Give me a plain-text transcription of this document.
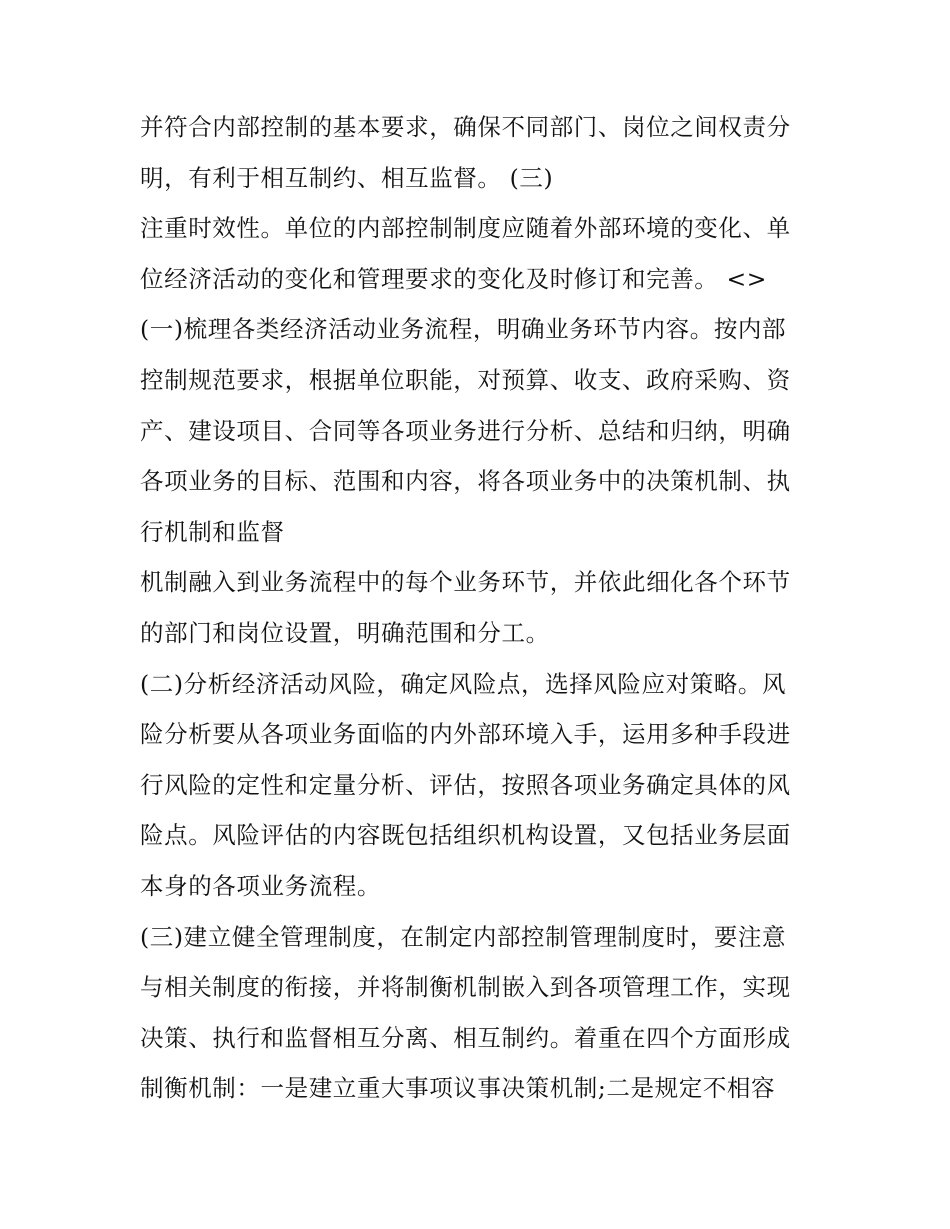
并符合内部控制的基本要求，确保不同部门、岗位之间权责分
明，有利于相互制约、相互监督。 (三)
注重时效性。单位的内部控制制度应随着外部环境的变化、单
位经济活动的变化和管理要求的变化及时修订和完善。 <>
(一)梳理各类经济活动业务流程，明确业务环节内容。按内部
控制规范要求，根据单位职能，对预算、收支、政府采购、资
产、建设项目、合同等各项业务进行分析、总结和归纳，明确
各项业务的目标、范围和内容，将各项业务中的决策机制、执
行机制和监督
机制融入到业务流程中的每个业务环节，并依此细化各个环节
的部门和岗位设置，明确范围和分工。
(二)分析经济活动风险，确定风险点，选择风险应对策略。风
险分析要从各项业务面临的内外部环境入手，运用多种手段进
行风险的定性和定量分析、评估，按照各项业务确定具体的风
险点。风险评估的内容既包括组织机构设置，又包括业务层面
本身的各项业务流程。
(三)建立健全管理制度，在制定内部控制管理制度时，要注意
与相关制度的衔接，并将制衡机制嵌入到各项管理工作，实现
决策、执行和监督相互分离、相互制约。着重在四个方面形成
制衡机制：一是建立重大事项议事决策机制;二是规定不相容
